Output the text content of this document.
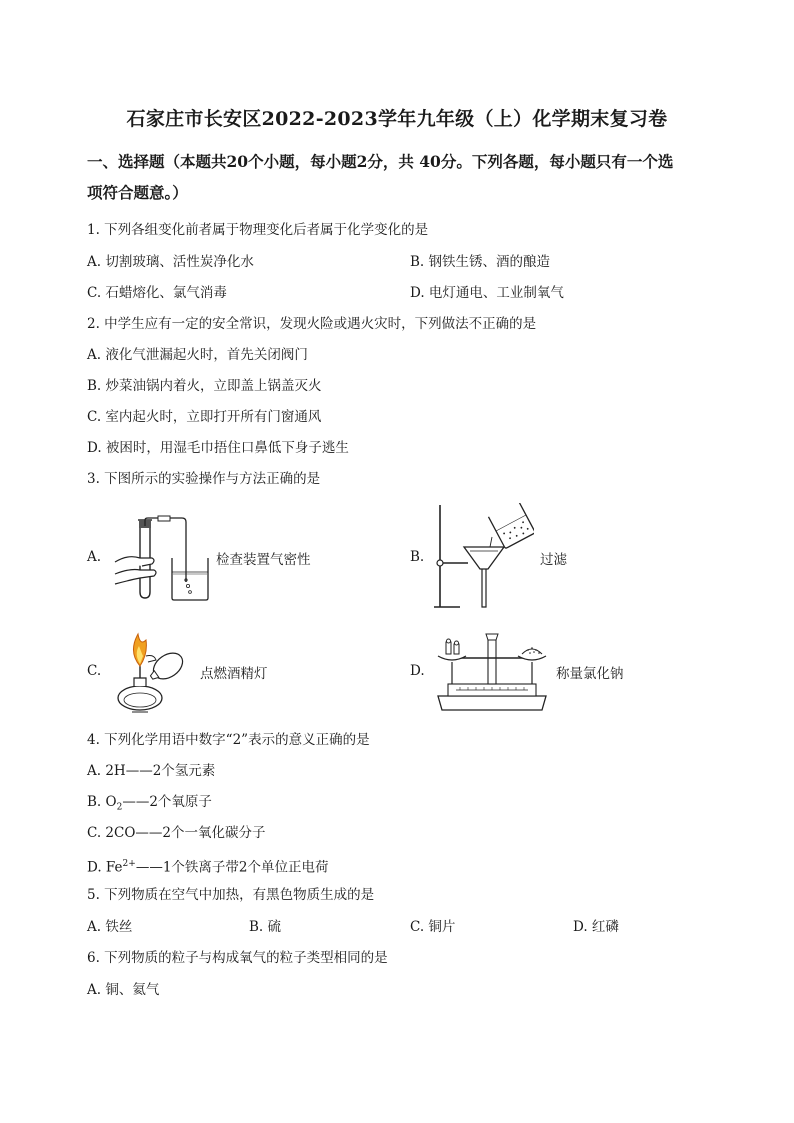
石家庄市长安区2022-2023学年九年级（上）化学期末复习卷
一、选择题（本题共20个小题，每小题2分，共 40分。下列各题，每小题只有一个选
项符合题意。）
1. 下列各组变化前者属于物理变化后者属于化学变化的是
A. 切割玻璃、活性炭净化水	B. 钢铁生锈、酒的酿造
C. 石蜡熔化、氯气消毒	D. 电灯通电、工业制氧气
2. 中学生应有一定的安全常识，发现火险或遇火灾时，下列做法不正确的是
A. 液化气泄漏起火时，首先关闭阀门
B. 炒菜油锅内着火，立即盖上锅盖灭火
C. 室内起火时，立即打开所有门窗通风
D. 被困时，用湿毛巾捂住口鼻低下身子逃生
3. 下图所示的实验操作与方法正确的是
A.	检查装置气密性	B.	过滤
C.	点燃酒精灯	D.	称量氯化钠
4. 下列化学用语中数字“2”表示的意义正确的是
A. 2H——2个氢元素
B. $O_2——2$个氧原子
C. 2CO——2个一氧化碳分子
D. $Fe^{2+}——1$个铁离子带2个单位正电荷
5. 下列物质在空气中加热，有黑色物质生成的是
A. 铁丝	B. 硫	C. 铜片	D. 红磷
6. 下列物质的粒子与构成氧气的粒子类型相同的是
A. 铜、氦气
